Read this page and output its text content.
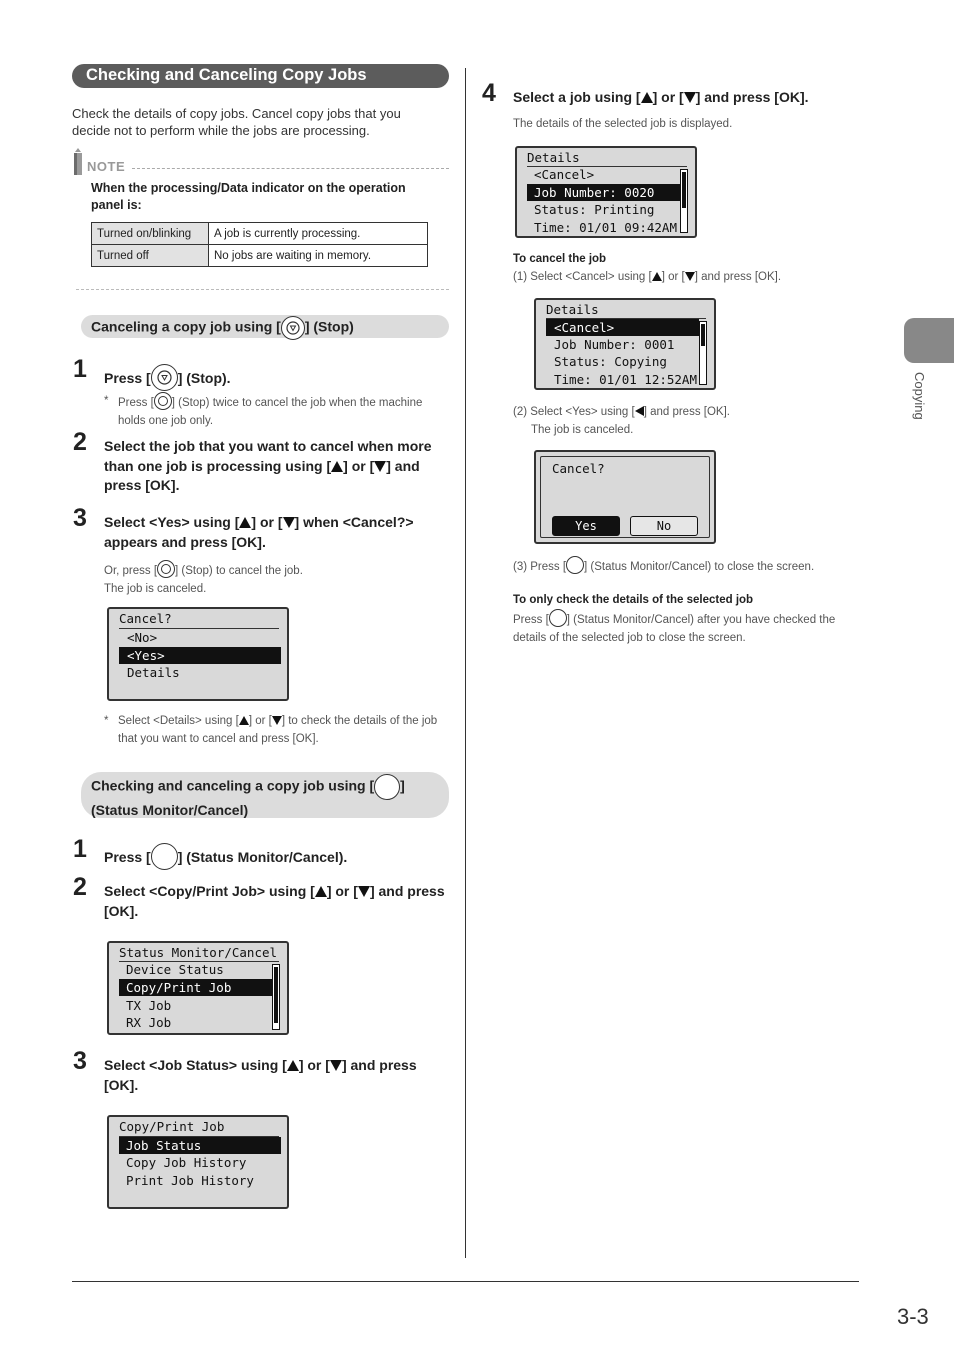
Checking and Canceling Copy Jobs
Check the details of copy jobs. Cancel copy jobs that you decide not to perform while the jobs are processing.
NOTE
When the processing/Data indicator on the operation panel is:
Turned on/blinking	A job is currently processing.
Turned off	No jobs are waiting in memory.
Canceling a copy job using [ ] (Stop)
1 Press [ ] (Stop).
* Press [ ] (Stop) twice to cancel the job when the machine holds one job only.
2 Select the job that you want to cancel when more than one job is processing using [ ] or [ ] and press [OK].
3 Select <Yes> using [ ] or [ ] when <Cancel?> appears and press [OK].
Or, press [ ] (Stop) to cancel the job.
The job is canceled.
Cancel?
<No>
<Yes>
Details
* Select <Details> using [ ] or [ ] to check the details of the job that you want to cancel and press [OK].
Checking and canceling a copy job using [ ]
(Status Monitor/Cancel)
1 Press [ ] (Status Monitor/Cancel).
2 Select <Copy/Print Job> using [ ] or [ ] and press [OK].
Status Monitor/Cancel
Device Status
Copy/Print Job
TX Job
RX Job
3 Select <Job Status> using [ ] or [ ] and press [OK].
Copy/Print Job
Job Status
Copy Job History
Print Job History
4 Select a job using [ ] or [ ] and press [OK].
The details of the selected job is displayed.
Details
<Cancel>
Job Number: 0020
Status: Printing
Time: 01/01 09:42AM
To cancel the job
(1) Select <Cancel> using [ ] or [ ] and press [OK].
Details
<Cancel>
Job Number: 0001
Status: Copying
Time: 01/01 12:52AM
(2) Select <Yes> using [ ] and press [OK].
The job is canceled.
Cancel?
Yes	No
(3) Press [ ] (Status Monitor/Cancel) to close the screen.
To only check the details of the selected job
Press [ ] (Status Monitor/Cancel) after you have checked the details of the selected job to close the screen.
Copying
3-3
